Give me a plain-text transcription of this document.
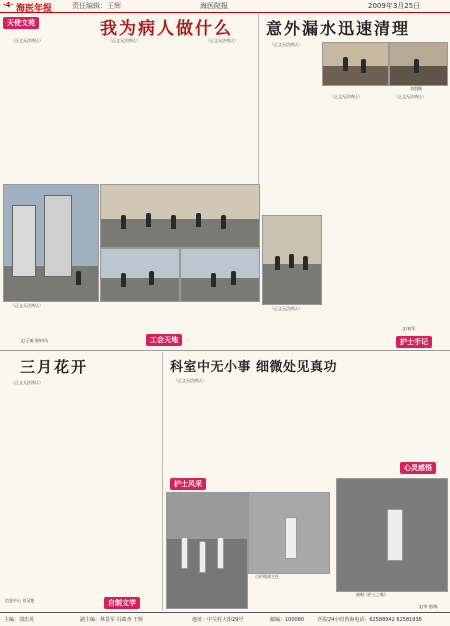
·4· 海医年报	责任编辑：王辉	海医院报	2009年3月25日
天使文苑	我为病人做什么

（正文无法辨认）	（正文无法辨认）	（正文无法辨认）

意外漏水迅速清理

（正文无法辨认）

刘凯摄

（正文无法辨认）	（正文无法辨认）

（正文无法辨认）

文/王铺 图/何凤	工会天地

（正文无法辨认）

文/何军
护士手记
三月花开

（正文无法辨认）

信息中心 刘灵艳	自制文学
科室中无小事 细微处见真功

（正文无法辨认）

护士风采
古护理部主任
心灵感悟
演唱《护士之歌》
文/李 图/陈
主编：刘忠英	副主编：林景军 冯葛查 王辉	地址：中关村大街29号	邮编：100080	医院24小时咨询电话：62588942 62581936
